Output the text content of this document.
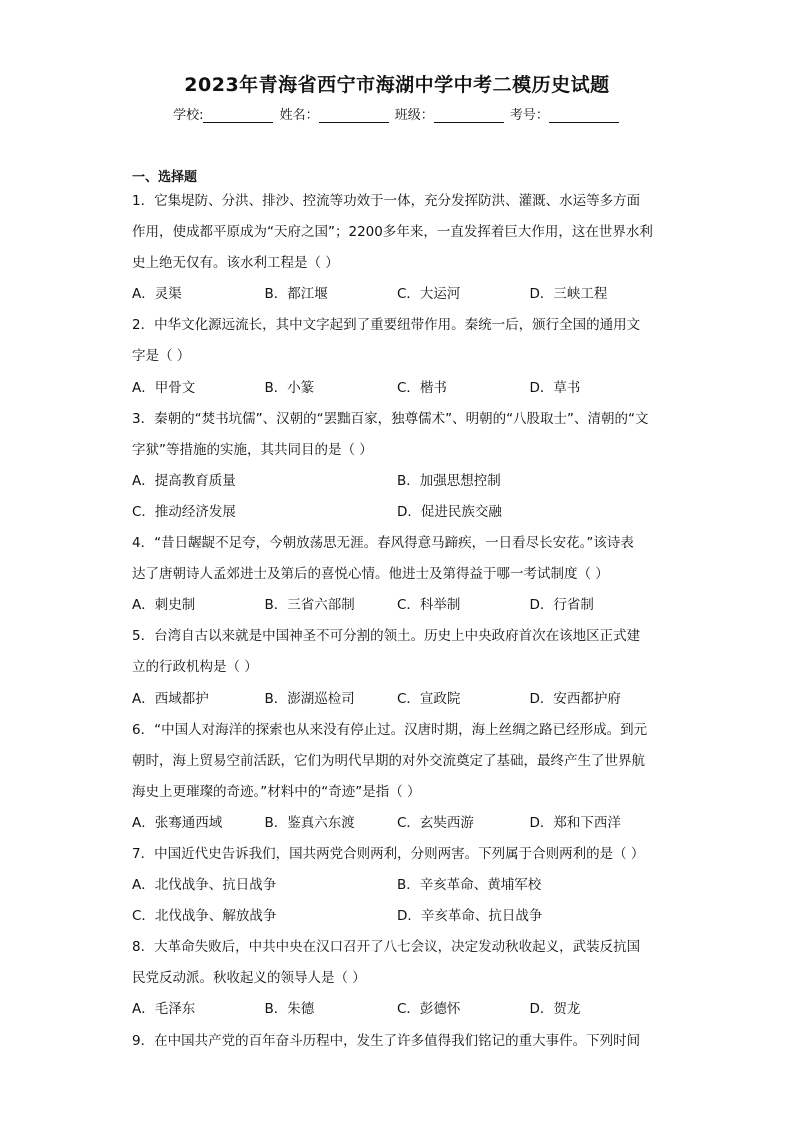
2023年青海省西宁市海湖中学中考二模历史试题
学校:	姓名：	班级：	考号：
一、选择题
1．它集堤防、分洪、排沙、控流等功效于一体，充分发挥防洪、灌溉、水运等多方面
作用，使成都平原成为“天府之国”；2200多年来，一直发挥着巨大作用，这在世界水利
史上绝无仅有。该水利工程是（ ）
A．灵渠	B．都江堰	C．大运河	D．三峡工程
2．中华文化源远流长，其中文字起到了重要纽带作用。秦统一后，颁行全国的通用文
字是（ ）
A．甲骨文	B．小篆	C．楷书	D．草书
3．秦朝的“焚书坑儒”、汉朝的“罢黜百家，独尊儒术”、明朝的“八股取士”、清朝的“文
字狱”等措施的实施，其共同目的是（ ）
A．提高教育质量	B．加强思想控制
C．推动经济发展	D．促进民族交融
4．“昔日龌龊不足夸，今朝放荡思无涯。春风得意马蹄疾，一日看尽长安花。”该诗表
达了唐朝诗人孟郊进士及第后的喜悦心情。他进士及第得益于哪一考试制度（ ）
A．刺史制	B．三省六部制	C．科举制	D．行省制
5．台湾自古以来就是中国神圣不可分割的领土。历史上中央政府首次在该地区正式建
立的行政机构是（ ）
A．西域都护	B．澎湖巡检司	C．宣政院	D．安西都护府
6．“中国人对海洋的探索也从来没有停止过。汉唐时期，海上丝绸之路已经形成。到元
朝时，海上贸易空前活跃，它们为明代早期的对外交流奠定了基础，最终产生了世界航
海史上更璀璨的奇迹。”材料中的“奇迹”是指（ ）
A．张骞通西域	B．鉴真六东渡	C．玄奘西游	D．郑和下西洋
7．中国近代史告诉我们，国共两党合则两利，分则两害。下列属于合则两利的是（ ）
A．北伐战争、抗日战争	B．辛亥革命、黄埔军校
C．北伐战争、解放战争	D．辛亥革命、抗日战争
8．大革命失败后，中共中央在汉口召开了八七会议，决定发动秋收起义，武装反抗国
民党反动派。秋收起义的领导人是（ ）
A．毛泽东	B．朱德	C．彭德怀	D．贺龙
9．在中国共产党的百年奋斗历程中，发生了许多值得我们铭记的重大事件。下列时间
